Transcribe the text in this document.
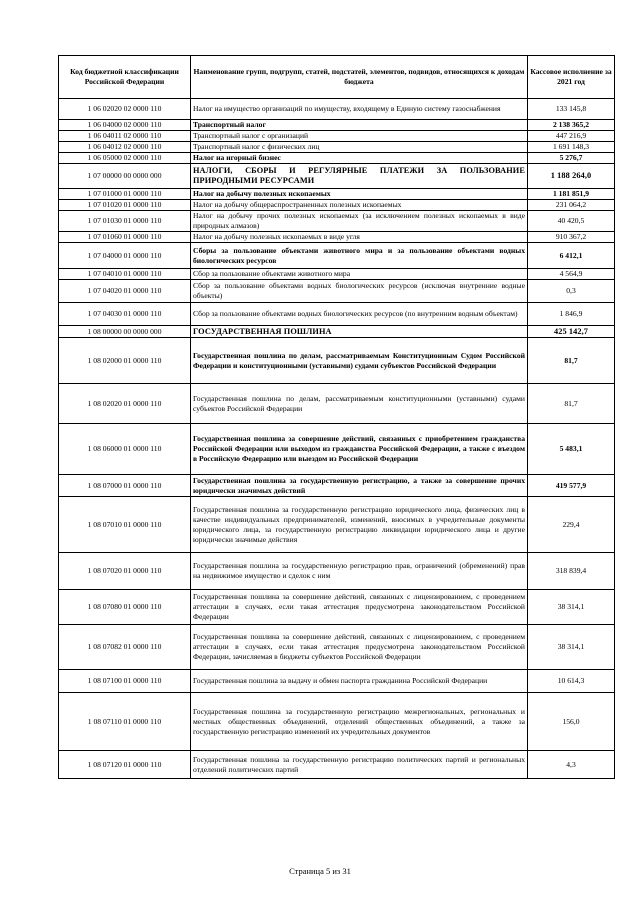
Код бюджетной классификации Российской Федерации	Наименование групп, подгрупп, статей, подстатей, элементов, подвидов, относящихся к доходам бюджета	Кассовое исполнение за 2021 год
1 06 02020 02 0000 110	Налог на имущество организаций по имуществу, входящему в Единую систему газоснабжения	133 145,8
1 06 04000 02 0000 110	Транспортный налог	2 138 365,2
1 06 04011 02 0000 110	Транспортный налог с организаций	447 216,9
1 06 04012 02 0000 110	Транспортный налог с физических лиц	1 691 148,3
1 06 05000 02 0000 110	Налог на игорный бизнес	5 276,7
1 07 00000 00 0000 000	НАЛОГИ, СБОРЫ И РЕГУЛЯРНЫЕ ПЛАТЕЖИ ЗА ПОЛЬЗОВАНИЕ ПРИРОДНЫМИ РЕСУРСАМИ	1 188 264,0
1 07 01000 01 0000 110	Налог на добычу полезных ископаемых	1 181 851,9
1 07 01020 01 0000 110	Налог на добычу общераспространенных полезных ископаемых	231 064,2
1 07 01030 01 0000 110	Налог на добычу прочих полезных ископаемых (за исключением полезных ископаемых в виде природных алмазов)	40 420,5
1 07 01060 01 0000 110	Налог на добычу полезных ископаемых в виде угля	910 367,2
1 07 04000 01 0000 110	Сборы за пользование объектами животного мира и за пользование объектами водных биологических ресурсов	6 412,1
1 07 04010 01 0000 110	Сбор за пользование объектами животного мира	4 564,9
1 07 04020 01 0000 110	Сбор за пользование объектами водных биологических ресурсов (исключая внутренние водные объекты)	0,3
1 07 04030 01 0000 110	Сбор за пользование объектами водных биологических ресурсов (по внутренним водным объектам)	1 846,9
1 08 00000 00 0000 000	ГОСУДАРСТВЕННАЯ ПОШЛИНА	425 142,7
1 08 02000 01 0000 110	Государственная пошлина по делам, рассматриваемым Конституционным Судом Российской Федерации и конституционными (уставными) судами субъектов Российской Федерации	81,7
1 08 02020 01 0000 110	Государственная пошлина по делам, рассматриваемым конституционными (уставными) судами субъектов Российской Федерации	81,7
1 08 06000 01 0000 110	Государственная пошлина за совершение действий, связанных с приобретением гражданства Российской Федерации или выходом из гражданства Российской Федерации, а также с въездом в Российскую Федерацию или выездом из Российской Федерации	5 483,1
1 08 07000 01 0000 110	Государственная пошлина за государственную регистрацию, а также за совершение прочих юридически значимых действий	419 577,9
1 08 07010 01 0000 110	Государственная пошлина за государственную регистрацию юридического лица, физических лиц в качестве индивидуальных предпринимателей, изменений, вносимых в учредительные документы юридического лица, за государственную регистрацию ликвидации юридического лица и другие юридически значимые действия	229,4
1 08 07020 01 0000 110	Государственная пошлина за государственную регистрацию прав, ограничений (обременений) прав на недвижимое имущество и сделок с ним	318 839,4
1 08 07080 01 0000 110	Государственная пошлина за совершение действий, связанных с лицензированием, с проведением аттестации в случаях, если такая аттестация предусмотрена законодательством Российской Федерации	38 314,1
1 08 07082 01 0000 110	Государственная пошлина за совершение действий, связанных с лицензированием, с проведением аттестации в случаях, если такая аттестация предусмотрена законодательством Российской Федерации, зачисляемая в бюджеты субъектов Российской Федерации	38 314,1
1 08 07100 01 0000 110	Государственная пошлина за выдачу и обмен паспорта гражданина Российской Федерации	10 614,3
1 08 07110 01 0000 110	Государственная пошлина за государственную регистрацию межрегиональных, региональных и местных общественных объединений, отделений общественных объединений, а также за государственную регистрацию изменений их учредительных документов	156,0
1 08 07120 01 0000 110	Государственная пошлина за государственную регистрацию политических партий и региональных отделений политических партий	4,3
Страница 5 из 31
